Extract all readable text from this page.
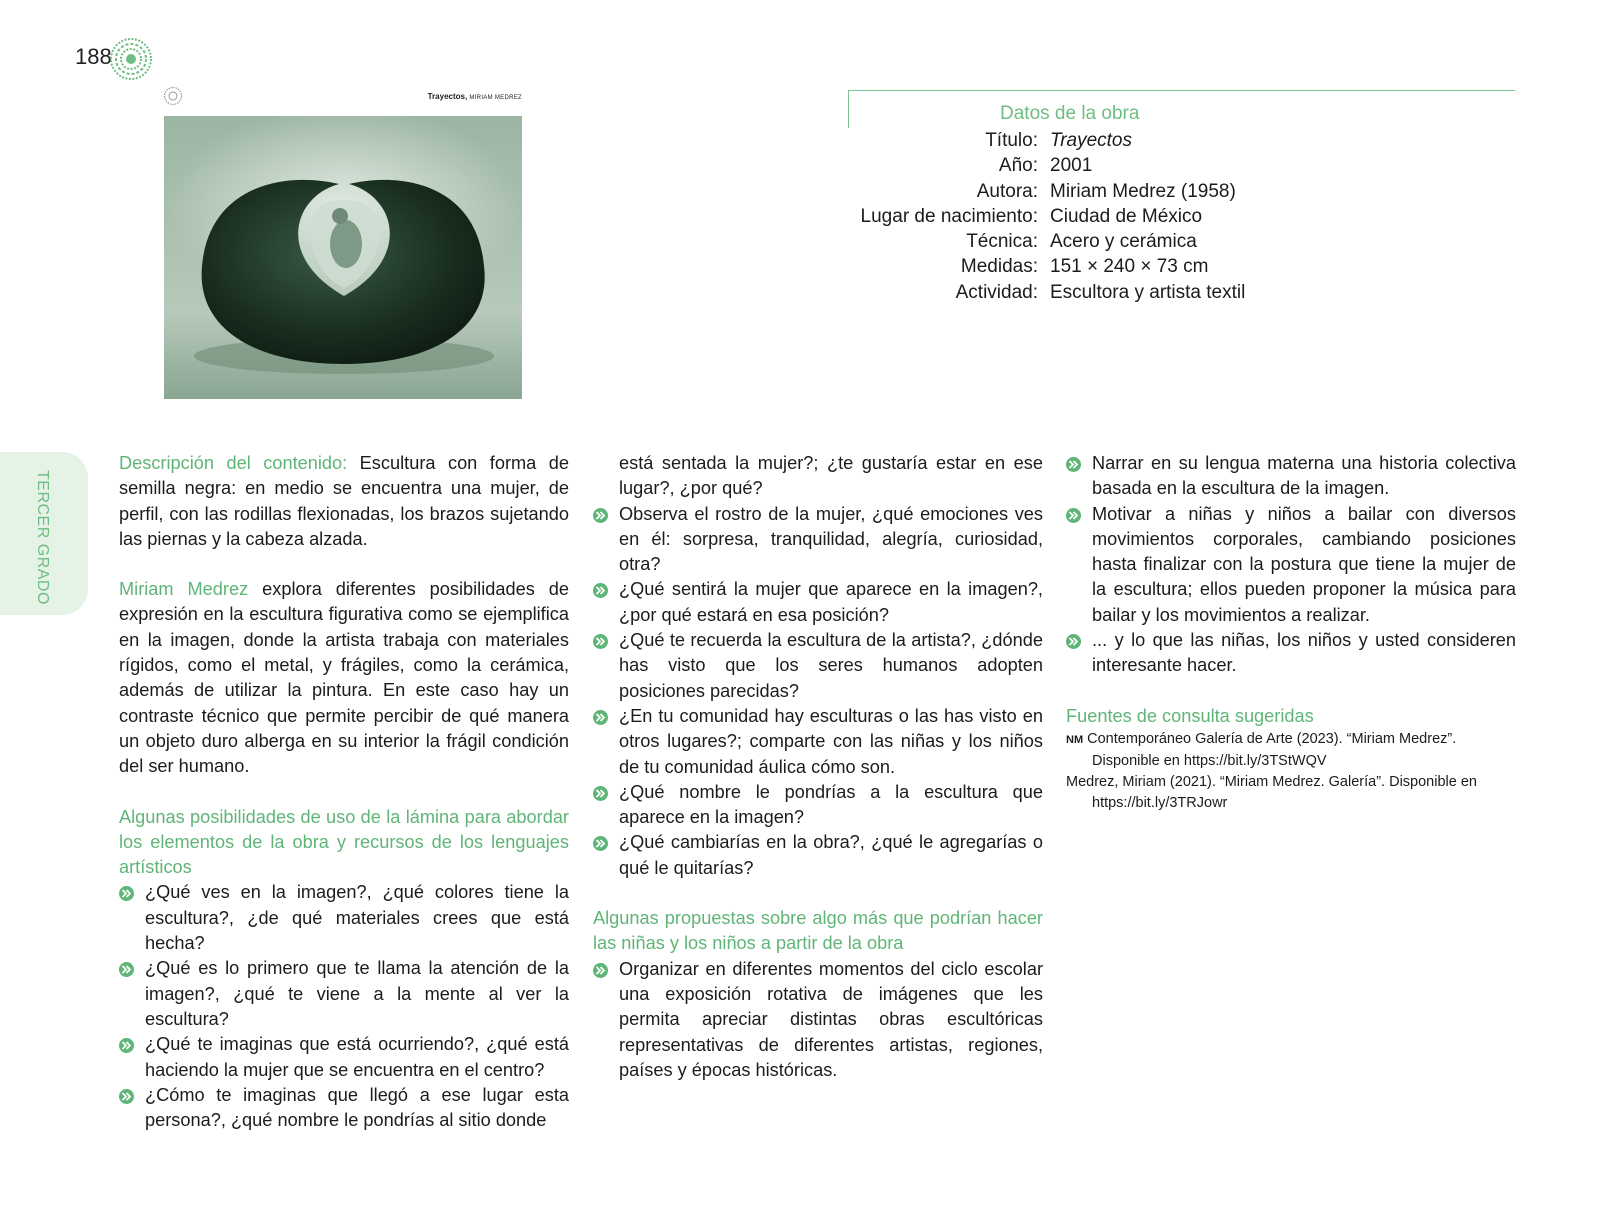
188
TERCER GRADO
Trayectos, MIRIAM MEDREZ
Datos de la obra
Título: Trayectos
Año: 2001
Autora: Miriam Medrez (1958)
Lugar de nacimiento: Ciudad de México
Técnica: Acero y cerámica
Medidas: 151 × 240 × 73 cm
Actividad: Escultora y artista textil

Descripción del contenido: Escultura con forma de semilla negra: en medio se encuentra una mujer, de perfil, con las rodillas flexionadas, los brazos sujetando las piernas y la cabeza alzada.

Miriam Medrez explora diferentes posibilidades de expresión en la escultura figurativa como se ejemplifica en la imagen, donde la artista trabaja con materiales rígidos, como el metal, y frágiles, como la cerámica, además de utilizar la pintura. En este caso hay un contraste técnico que permite percibir de qué manera un objeto duro alberga en su interior la frágil condición del ser humano.

Algunas posibilidades de uso de la lámina para abordar los elementos de la obra y recursos de los lenguajes artísticos

¿Qué ves en la imagen?, ¿qué colores tiene la escultura?, ¿de qué materiales crees que está hecha?
¿Qué es lo primero que te llama la atención de la imagen?, ¿qué te viene a la mente al ver la escultura?
¿Qué te imaginas que está ocurriendo?, ¿qué está haciendo la mujer que se encuentra en el centro?
¿Cómo te imaginas que llegó a ese lugar esta persona?, ¿qué nombre le pondrías al sitio donde

está sentada la mujer?; ¿te gustaría estar en ese lugar?, ¿por qué?

Observa el rostro de la mujer, ¿qué emociones ves en él: sorpresa, tranquilidad, alegría, curiosidad, otra?
¿Qué sentirá la mujer que aparece en la imagen?, ¿por qué estará en esa posición?
¿Qué te recuerda la escultura de la artista?, ¿dónde has visto que los seres humanos adopten posiciones parecidas?
¿En tu comunidad hay esculturas o las has visto en otros lugares?; comparte con las niñas y los niños de tu comunidad áulica cómo son.
¿Qué nombre le pondrías a la escultura que aparece en la imagen?
¿Qué cambiarías en la obra?, ¿qué le agregarías o qué le quitarías?

Algunas propuestas sobre algo más que podrían hacer las niñas y los niños a partir de la obra

Organizar en diferentes momentos del ciclo escolar una exposición rotativa de imágenes que les permita apreciar distintas obras escultóricas representativas de diferentes artistas, regiones, países y épocas históricas.
Narrar en su lengua materna una historia colectiva basada en la escultura de la imagen.
Motivar a niñas y niños a bailar con diversos movimientos corporales, cambiando posiciones hasta finalizar con la postura que tiene la mujer de la escultura; ellos pueden proponer la música para bailar y los movimientos a realizar.
... y lo que las niñas, los niños y usted consideren interesante hacer.

Fuentes de consulta sugeridas

NM Contemporáneo Galería de Arte (2023). “Miriam Medrez”. Disponible en https://bit.ly/3TStWQV

Medrez, Miriam (2021). “Miriam Medrez. Galería”. Disponible en https://bit.ly/3TRJowr
